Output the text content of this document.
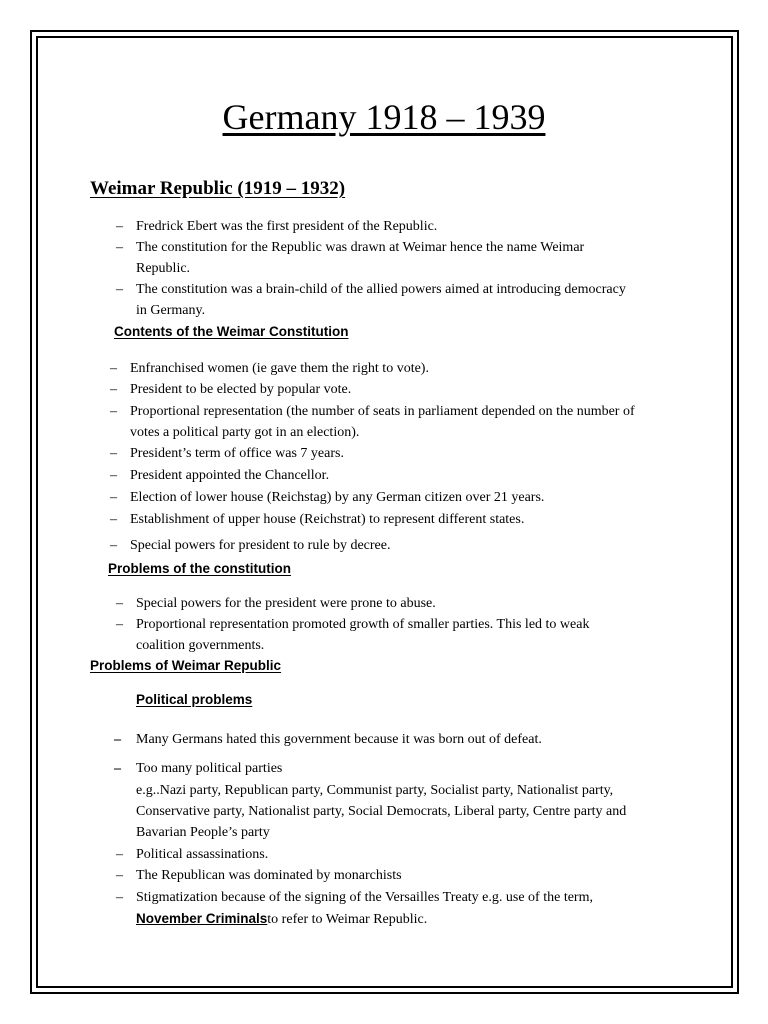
Germany 1918 – 1939
Weimar Republic (1919 – 1932)
– Fredrick Ebert was the first president of the Republic.
– The constitution for the Republic was drawn at Weimar hence the name Weimar
Republic.
– The constitution was a brain-child of the allied powers aimed at introducing democracy
in Germany.
Contents of the Weimar Constitution
– Enfranchised women (ie gave them the right to vote).
– President to be elected by popular vote.
– Proportional representation (the number of seats in parliament depended on the number of
votes a political party got in an election).
– President’s term of office was 7 years.
– President appointed the Chancellor.
– Election of lower house (Reichstag) by any German citizen over 21 years.
– Establishment of upper house (Reichstrat) to represent different states.
– Special powers for president to rule by decree.
Problems of the constitution
– Special powers for the president were prone to abuse.
– Proportional representation promoted growth of smaller parties. This led to weak
coalition governments.
Problems of Weimar Republic
Political problems
– Many Germans hated this government because it was born out of defeat.
– Too many political parties
e.g..Nazi party, Republican party, Communist party, Socialist party, Nationalist party,
Conservative party, Nationalist party, Social Democrats, Liberal party, Centre party and
Bavarian People’s party
– Political assassinations.
– The Republican was dominated by monarchists
– Stigmatization because of the signing of the Versailles Treaty e.g. use of the term,
November Criminalsto refer to Weimar Republic.
